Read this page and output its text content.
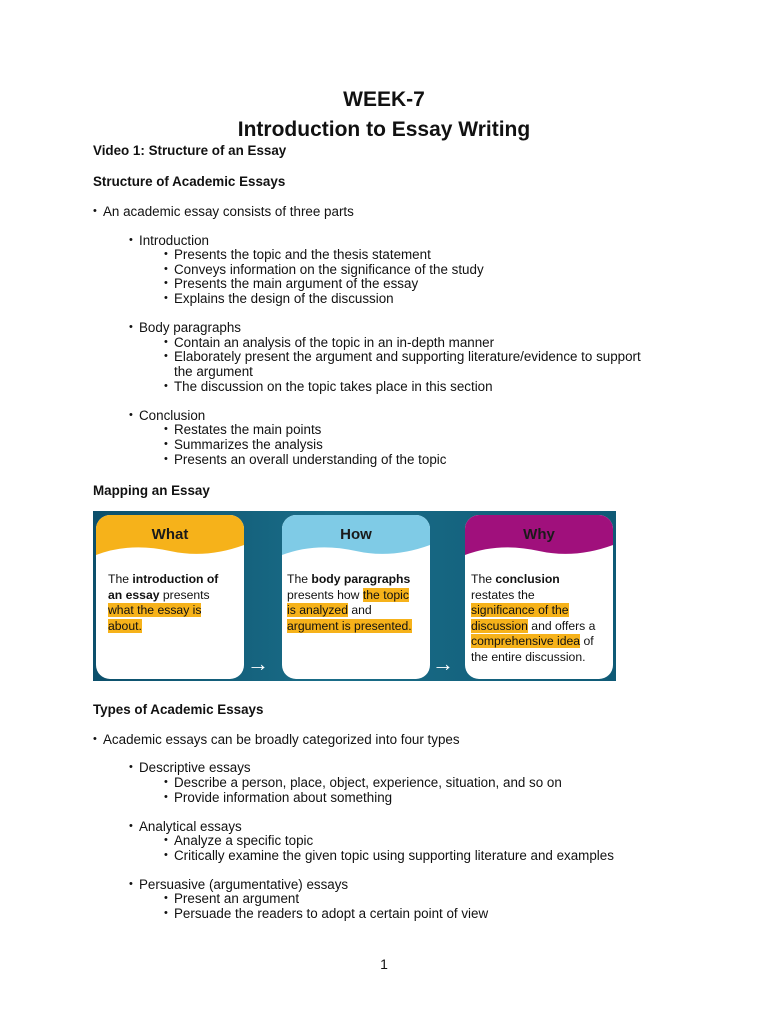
WEEK-7
Introduction to Essay Writing
Video 1: Structure of an Essay
Structure of Academic Essays
• An academic essay consists of three parts
• Introduction
• Presents the topic and the thesis statement
• Conveys information on the significance of the study
• Presents the main argument of the essay
• Explains the design of the discussion
• Body paragraphs
• Contain an analysis of the topic in an in-depth manner
• Elaborately present the argument and supporting literature/evidence to support
the argument
• The discussion on the topic takes place in this section
• Conclusion
• Restates the main points
• Summarizes the analysis
• Presents an overall understanding of the topic
Mapping an Essay
What
The introduction of
an essay presents
what the essay is
about.
→
How
The body paragraphs
presents how the topic
is analyzed and
argument is presented.
→
Why
The conclusion
restates the
significance of the
discussion and offers a
comprehensive idea of
the entire discussion.
Types of Academic Essays
• Academic essays can be broadly categorized into four types
• Descriptive essays
• Describe a person, place, object, experience, situation, and so on
• Provide information about something
• Analytical essays
• Analyze a specific topic
• Critically examine the given topic using supporting literature and examples
• Persuasive (argumentative) essays
• Present an argument
• Persuade the readers to adopt a certain point of view
1
